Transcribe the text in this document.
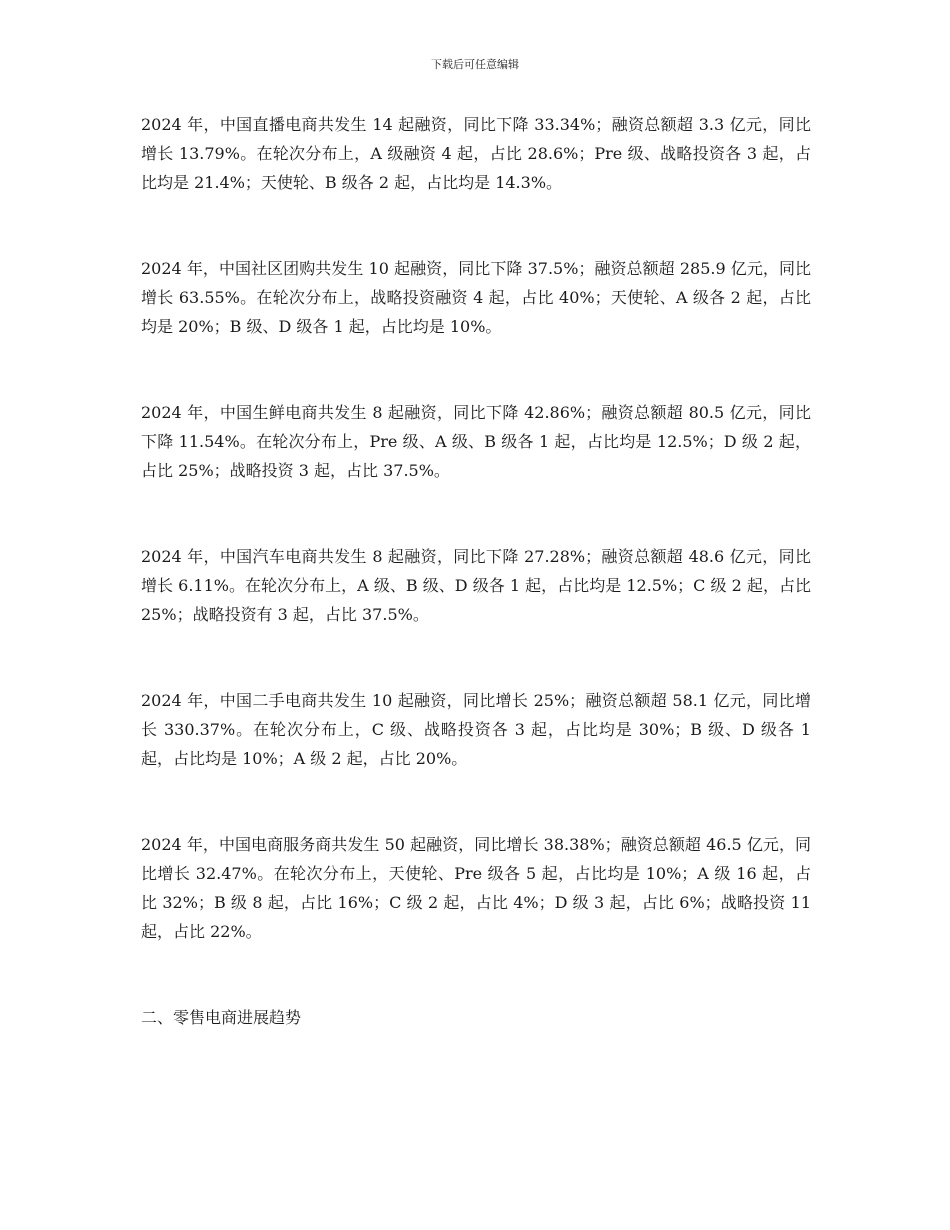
下载后可任意编辑

2024 年，中国直播电商共发生 14 起融资，同比下降 33.34%；融资总额超 3.3 亿元，同比增长 13.79%。在轮次分布上，A 级融资 4 起，占比 28.6%；Pre 级、战略投资各 3 起，占比均是 21.4%；天使轮、B 级各 2 起，占比均是 14.3%。

2024 年，中国社区团购共发生 10 起融资，同比下降 37.5%；融资总额超 285.9 亿元，同比增长 63.55%。在轮次分布上，战略投资融资 4 起，占比 40%；天使轮、A 级各 2 起，占比均是 20%；B 级、D 级各 1 起，占比均是 10%。

2024 年，中国生鲜电商共发生 8 起融资，同比下降 42.86%；融资总额超 80.5 亿元，同比下降 11.54%。在轮次分布上，Pre 级、A 级、B 级各 1 起，占比均是 12.5%；D 级 2 起，占比 25%；战略投资 3 起，占比 37.5%。

2024 年，中国汽车电商共发生 8 起融资，同比下降 27.28%；融资总额超 48.6 亿元，同比增长 6.11%。在轮次分布上，A 级、B 级、D 级各 1 起，占比均是 12.5%；C 级 2 起，占比 25%；战略投资有 3 起，占比 37.5%。

2024 年，中国二手电商共发生 10 起融资，同比增长 25%；融资总额超 58.1 亿元，同比增长 330.37%。在轮次分布上，C 级、战略投资各 3 起，占比均是 30%；B 级、D 级各 1 起，占比均是 10%；A 级 2 起，占比 20%。

2024 年，中国电商服务商共发生 50 起融资，同比增长 38.38%；融资总额超 46.5 亿元，同比增长 32.47%。在轮次分布上，天使轮、Pre 级各 5 起，占比均是 10%；A 级 16 起，占比 32%；B 级 8 起，占比 16%；C 级 2 起，占比 4%；D 级 3 起，占比 6%；战略投资 11 起，占比 22%。

二、零售电商进展趋势
